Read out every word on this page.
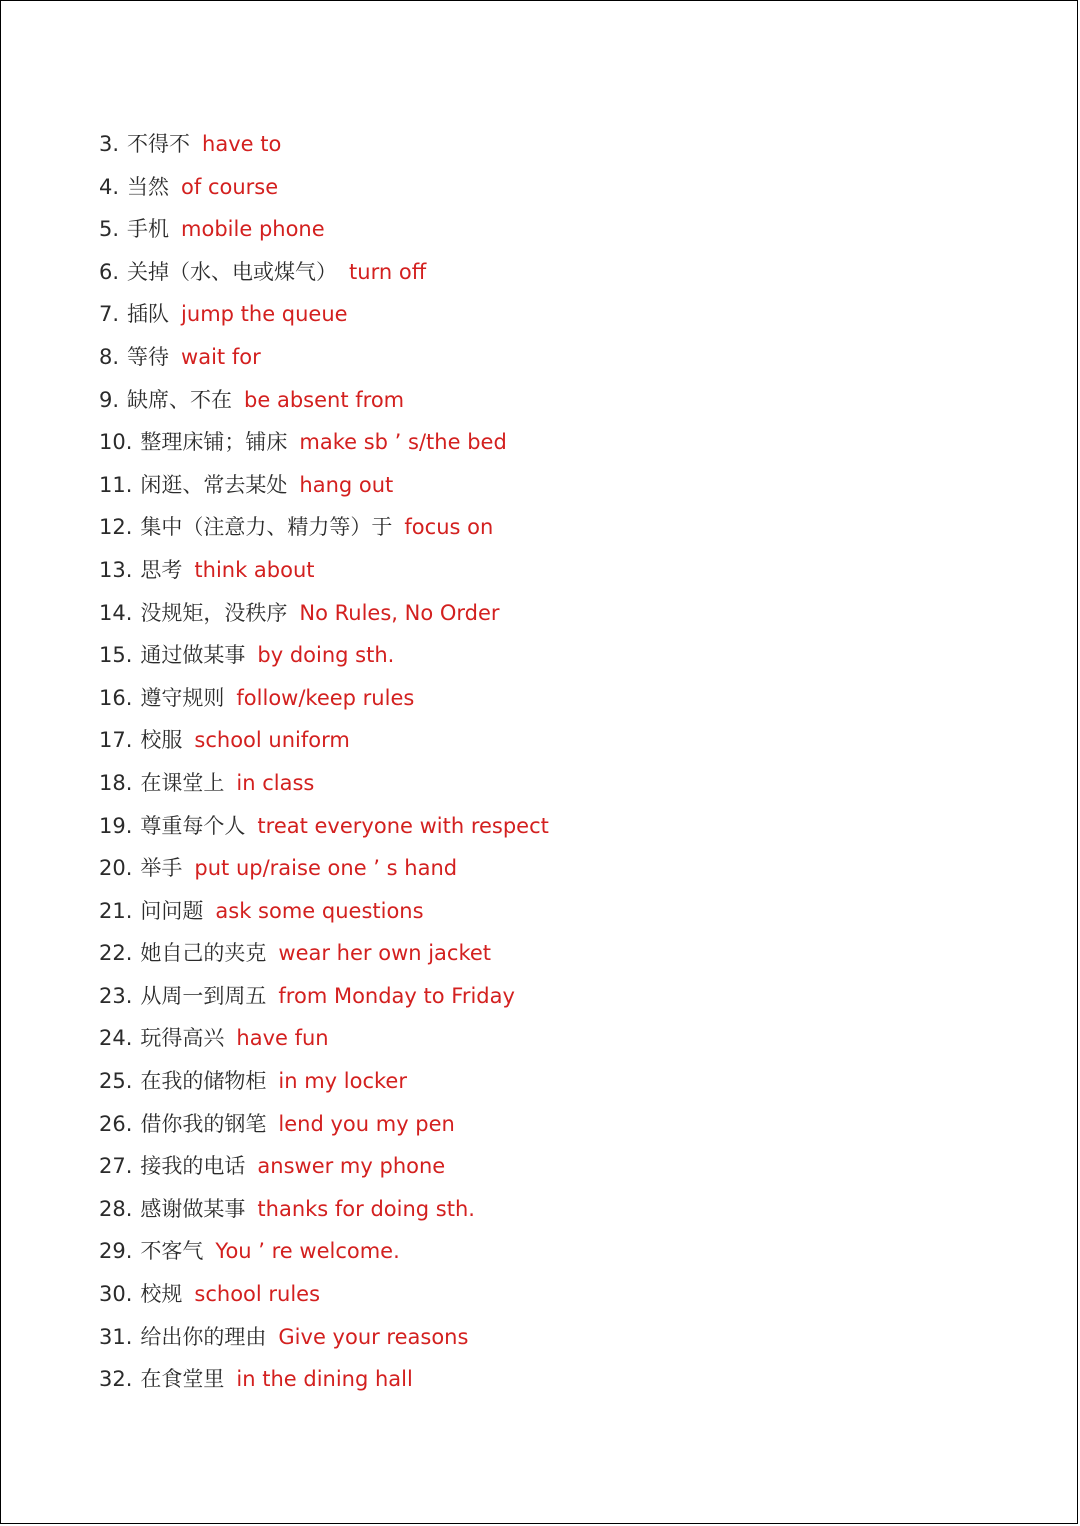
3. 不得不 have to
4. 当然 of course
5. 手机 mobile phone
6. 关掉（水、电或煤气） turn off
7. 插队 jump the queue
8. 等待 wait for
9. 缺席、不在 be absent from
10. 整理床铺；铺床 make sb ’ s/the bed
11. 闲逛、常去某处 hang out
12. 集中（注意力、精力等）于 focus on
13. 思考 think about
14. 没规矩，没秩序 No Rules, No Order
15. 通过做某事 by doing sth.
16. 遵守规则 follow/keep rules
17. 校服 school uniform
18. 在课堂上 in class
19. 尊重每个人 treat everyone with respect
20. 举手 put up/raise one ’ s hand
21. 问问题 ask some questions
22. 她自己的夹克 wear her own jacket
23. 从周一到周五 from Monday to Friday
24. 玩得高兴 have fun
25. 在我的储物柜 in my locker
26. 借你我的钢笔 lend you my pen
27. 接我的电话 answer my phone
28. 感谢做某事 thanks for doing sth.
29. 不客气 You ’ re welcome.
30. 校规 school rules
31. 给出你的理由 Give your reasons
32. 在食堂里 in the dining hall
